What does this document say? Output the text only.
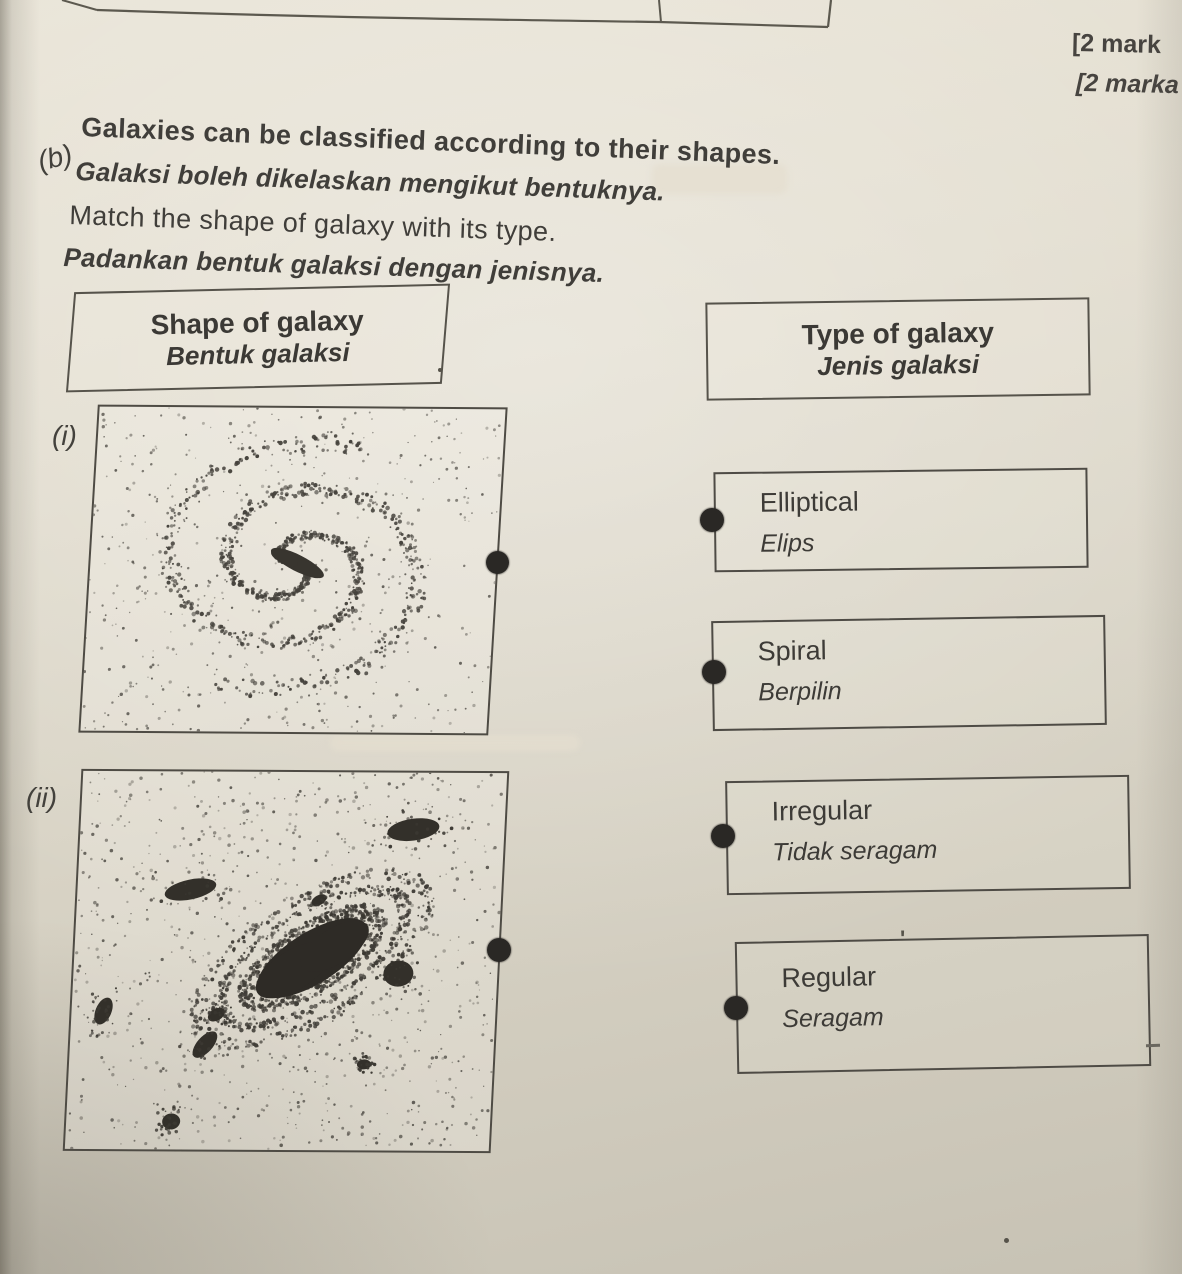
[2 mark
[2 marka
(b) Galaxies can be classified according to their shapes.
Galaksi boleh dikelaskan mengikut bentuknya.
Match the shape of galaxy with its type.
Padankan bentuk galaksi dengan jenisnya.
Shape of galaxy
Bentuk galaksi
Type of galaxy
Jenis galaksi
(i)
(ii)
Elliptical
Elips
Spiral
Berpilin
Irregular
Tidak seragam
Regular
Seragam
'
